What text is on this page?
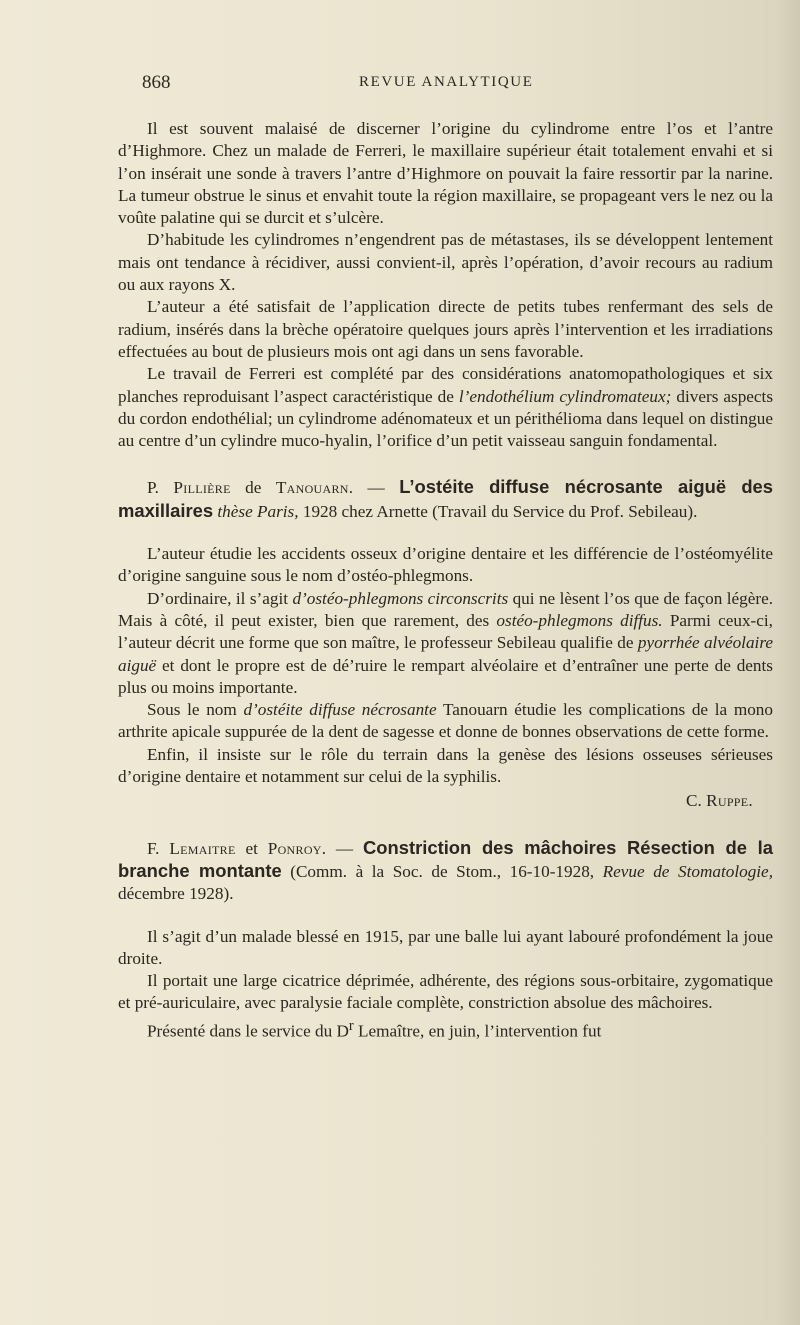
868	REVUE ANALYTIQUE

Il est souvent malaisé de discerner l’origine du cylindrome entre l’os et l’antre d’Highmore. Chez un malade de Ferreri, le maxillaire supérieur était totalement envahi et si l’on insérait une sonde à travers l’antre d’Highmore on pouvait la faire ressortir par la narine. La tumeur obstrue le sinus et envahit toute la région maxillaire, se propageant vers le nez ou la voûte palatine qui se durcit et s’ulcère.

D’habitude les cylindromes n’engendrent pas de métastases, ils se développent lentement mais ont tendance à récidiver, aussi convient-il, après l’opération, d’avoir recours au radium ou aux rayons X.

L’auteur a été satisfait de l’application directe de petits tubes renfermant des sels de radium, insérés dans la brèche opératoire quelques jours après l’intervention et les irradiations effectuées au bout de plusieurs mois ont agi dans un sens favorable.

Le travail de Ferreri est complété par des considérations anatomopathologiques et six planches reproduisant l’aspect caractéristique de l’endothélium cylindromateux; divers aspects du cordon endothélial; un cylindrome adénomateux et un périthélioma dans lequel on distingue au centre d’un cylindre muco-hyalin, l’orifice d’un petit vaisseau sanguin fondamental.

P. Pillière de Tanouarn. — L’ostéite diffuse nécrosante aiguë des maxillaires thèse Paris, 1928 chez Arnette (Travail du Service du Prof. Sebileau).

L’auteur étudie les accidents osseux d’origine dentaire et les différencie de l’ostéomyélite d’origine sanguine sous le nom d’ostéo-phlegmons.

D’ordinaire, il s’agit d’ostéo-phlegmons circonscrits qui ne lèsent l’os que de façon légère. Mais à côté, il peut exister, bien que rarement, des ostéo-phlegmons diffus. Parmi ceux-ci, l’auteur décrit une forme que son maître, le professeur Sebileau qualifie de pyorrhée alvéolaire aiguë et dont le propre est de dé’ruire le rempart alvéolaire et d’entraîner une perte de dents plus ou moins importante.

Sous le nom d’ostéite diffuse nécrosante Tanouarn étudie les complications de la mono arthrite apicale suppurée de la dent de sagesse et donne de bonnes observations de cette forme.

Enfin, il insiste sur le rôle du terrain dans la genèse des lésions osseuses sérieuses d’origine dentaire et notamment sur celui de la syphilis.

C. Ruppe.

F. Lemaitre et Ponroy. — Constriction des mâchoires Résection de la branche montante (Comm. à la Soc. de Stom., 16-10-1928, Revue de Stomatologie, décembre 1928).

Il s’agit d’un malade blessé en 1915, par une balle lui ayant labouré profondément la joue droite.

Il portait une large cicatrice déprimée, adhérente, des régions sous-orbitaire, zygomatique et pré-auriculaire, avec paralysie faciale complète, constriction absolue des mâchoires.

Présenté dans le service du $D^r$ Lemaître, en juin, l’intervention fut
